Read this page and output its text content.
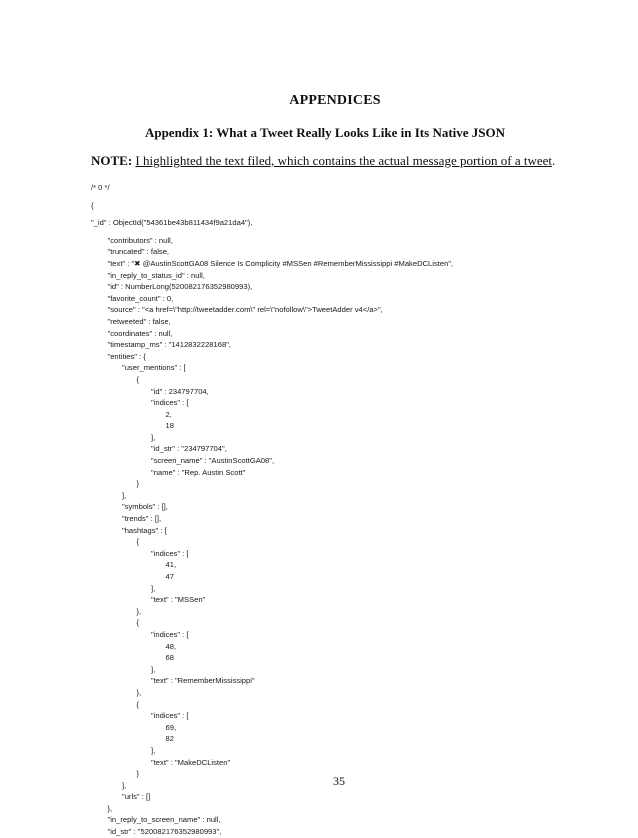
APPENDICES
Appendix 1: What a Tweet Really Looks Like in Its Native JSON
NOTE: I highlighted the text filed, which contains the actual message portion of a tweet.
/* 0 */
{
"_id" : ObjectId("54361be43b811434f9a21da4"),
"contributors" : null,
"truncated" : false,
"text" : "✖ @AustinScottGA08 Silence Is Complicity #MSSen #RememberMississippi #MakeDCListen",
"in_reply_to_status_id" : null,
"id" : NumberLong(520082176352980993),
"favorite_count" : 0,
"source" : "<a href=\"http://tweetadder.com\" rel=\"nofollow\">TweetAdder v4</a>",
"retweeted" : false,
"coordinates" : null,
"timestamp_ms" : "1412832228168",
"entities" : {
"user_mentions" : [
{
"id" : 234797704,
"indices" : [
2,
18
],
"id_str" : "234797704",
"screen_name" : "AustinScottGA08",
"name" : "Rep. Austin Scott"
}
],
"symbols" : [],
"trends" : [],
"hashtags" : [
{
"indices" : [
41,
47
],
"text" : "MSSen"
},
{
"indices" : [
48,
68
],
"text" : "RememberMississippi"
},
{
"indices" : [
69,
82
],
"text" : "MakeDCListen"
}
],
"urls" : []
},
"in_reply_to_screen_name" : null,
"id_str" : "520082176352980993",
35
